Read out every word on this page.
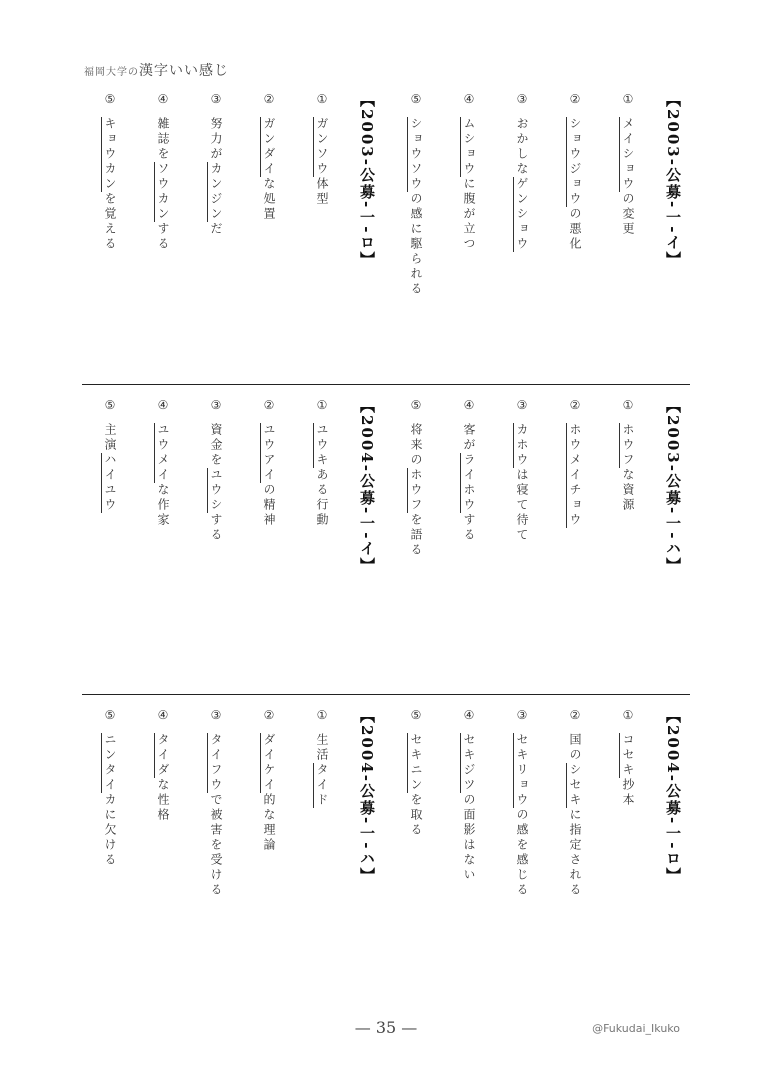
福岡大学の漢字いい感じ
【2003-公募-一-イ】
①メイショウの変更
②ショウジョウの悪化
③おかしなゲンショウ
④ムショウに腹が立つ
⑤ショウソウの感に駆られる
【2003-公募-一-ロ】
①ガンソウ体型
②ガンダイな処置
③努力がカンジンだ
④雑誌をソウカンする
⑤キョウカンを覚える
【2003-公募-一-ハ】
①ホウフな資源
②ホウメイチョウ
③カホウは寝て待て
④客がライホウする
⑤将来のホウフを語る
【2004-公募-一-イ】
①ユウキある行動
②ユウアイの精神
③資金をユウシする
④ユウメイな作家
⑤主演ハイユウ
【2004-公募-一-ロ】
①コセキ抄本
②国のシセキに指定される
③セキリョウの感を感じる
④セキジツの面影はない
⑤セキニンを取る
【2004-公募-一-ハ】
①生活タイド
②ダイケイ的な理論
③タイフウで被害を受ける
④タイダな性格
⑤ニンタイカに欠ける
— 35 —	@Fukudai_Ikuko
